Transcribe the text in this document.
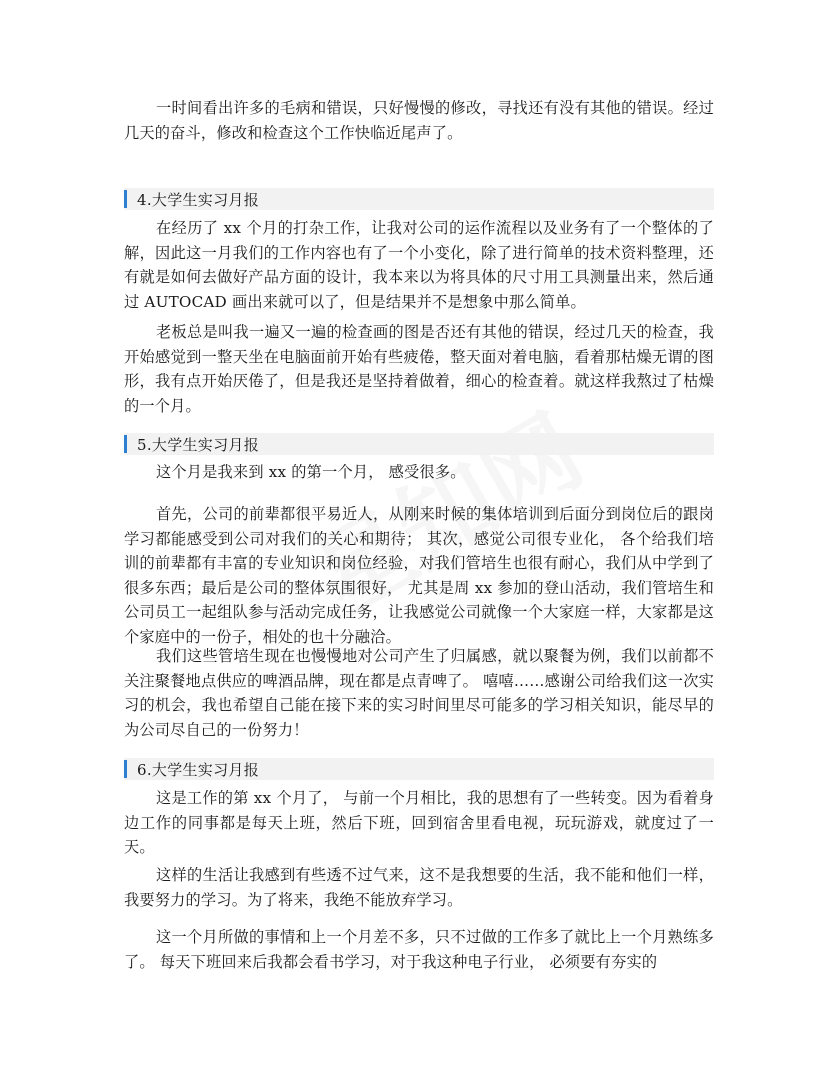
一时间看出许多的毛病和错误，只好慢慢的修改，寻找还有没有其他的错误。经过几天的奋斗，修改和检查这个工作快临近尾声了。

4.大学生实习月报

在经历了 xx 个月的打杂工作，让我对公司的运作流程以及业务有了一个整体的了解，因此这一月我们的工作内容也有了一个小变化，除了进行简单的技术资料整理，还有就是如何去做好产品方面的设计，我本来以为将具体的尺寸用工具测量出来，然后通过 AUTOCAD 画出来就可以了，但是结果并不是想象中那么简单。

老板总是叫我一遍又一遍的检查画的图是否还有其他的错误，经过几天的检查，我开始感觉到一整天坐在电脑面前开始有些疲倦，整天面对着电脑，看着那枯燥无谓的图形，我有点开始厌倦了，但是我还是坚持着做着，细心的检查着。就这样我熬过了枯燥的一个月。

5.大学生实习月报

这个月是我来到 xx 的第一个月， 感受很多。

首先，公司的前辈都很平易近人，从刚来时候的集体培训到后面分到岗位后的跟岗学习都能感受到公司对我们的关心和期待； 其次，感觉公司很专业化， 各个给我们培训的前辈都有丰富的专业知识和岗位经验，对我们管培生也很有耐心，我们从中学到了很多东西；最后是公司的整体氛围很好， 尤其是周 xx 参加的登山活动，我们管培生和公司员工一起组队参与活动完成任务，让我感觉公司就像一个大家庭一样，大家都是这个家庭中的一份子，相处的也十分融洽。

我们这些管培生现在也慢慢地对公司产生了归属感，就以聚餐为例，我们以前都不关注聚餐地点供应的啤酒品牌，现在都是点青啤了。 嘻嘻……感谢公司给我们这一次实习的机会，我也希望自己能在接下来的实习时间里尽可能多的学习相关知识，能尽早的为公司尽自己的一份努力！

6.大学生实习月报

这是工作的第 xx 个月了， 与前一个月相比，我的思想有了一些转变。因为看着身边工作的同事都是每天上班，然后下班，回到宿舍里看电视，玩玩游戏，就度过了一天。

这样的生活让我感到有些透不过气来，这不是我想要的生活，我不能和他们一样，我要努力的学习。为了将来，我绝不能放弃学习。

这一个月所做的事情和上一个月差不多，只不过做的工作多了就比上一个月熟练多了。 每天下班回来后我都会看书学习，对于我这种电子行业， 必须要有夯实的
